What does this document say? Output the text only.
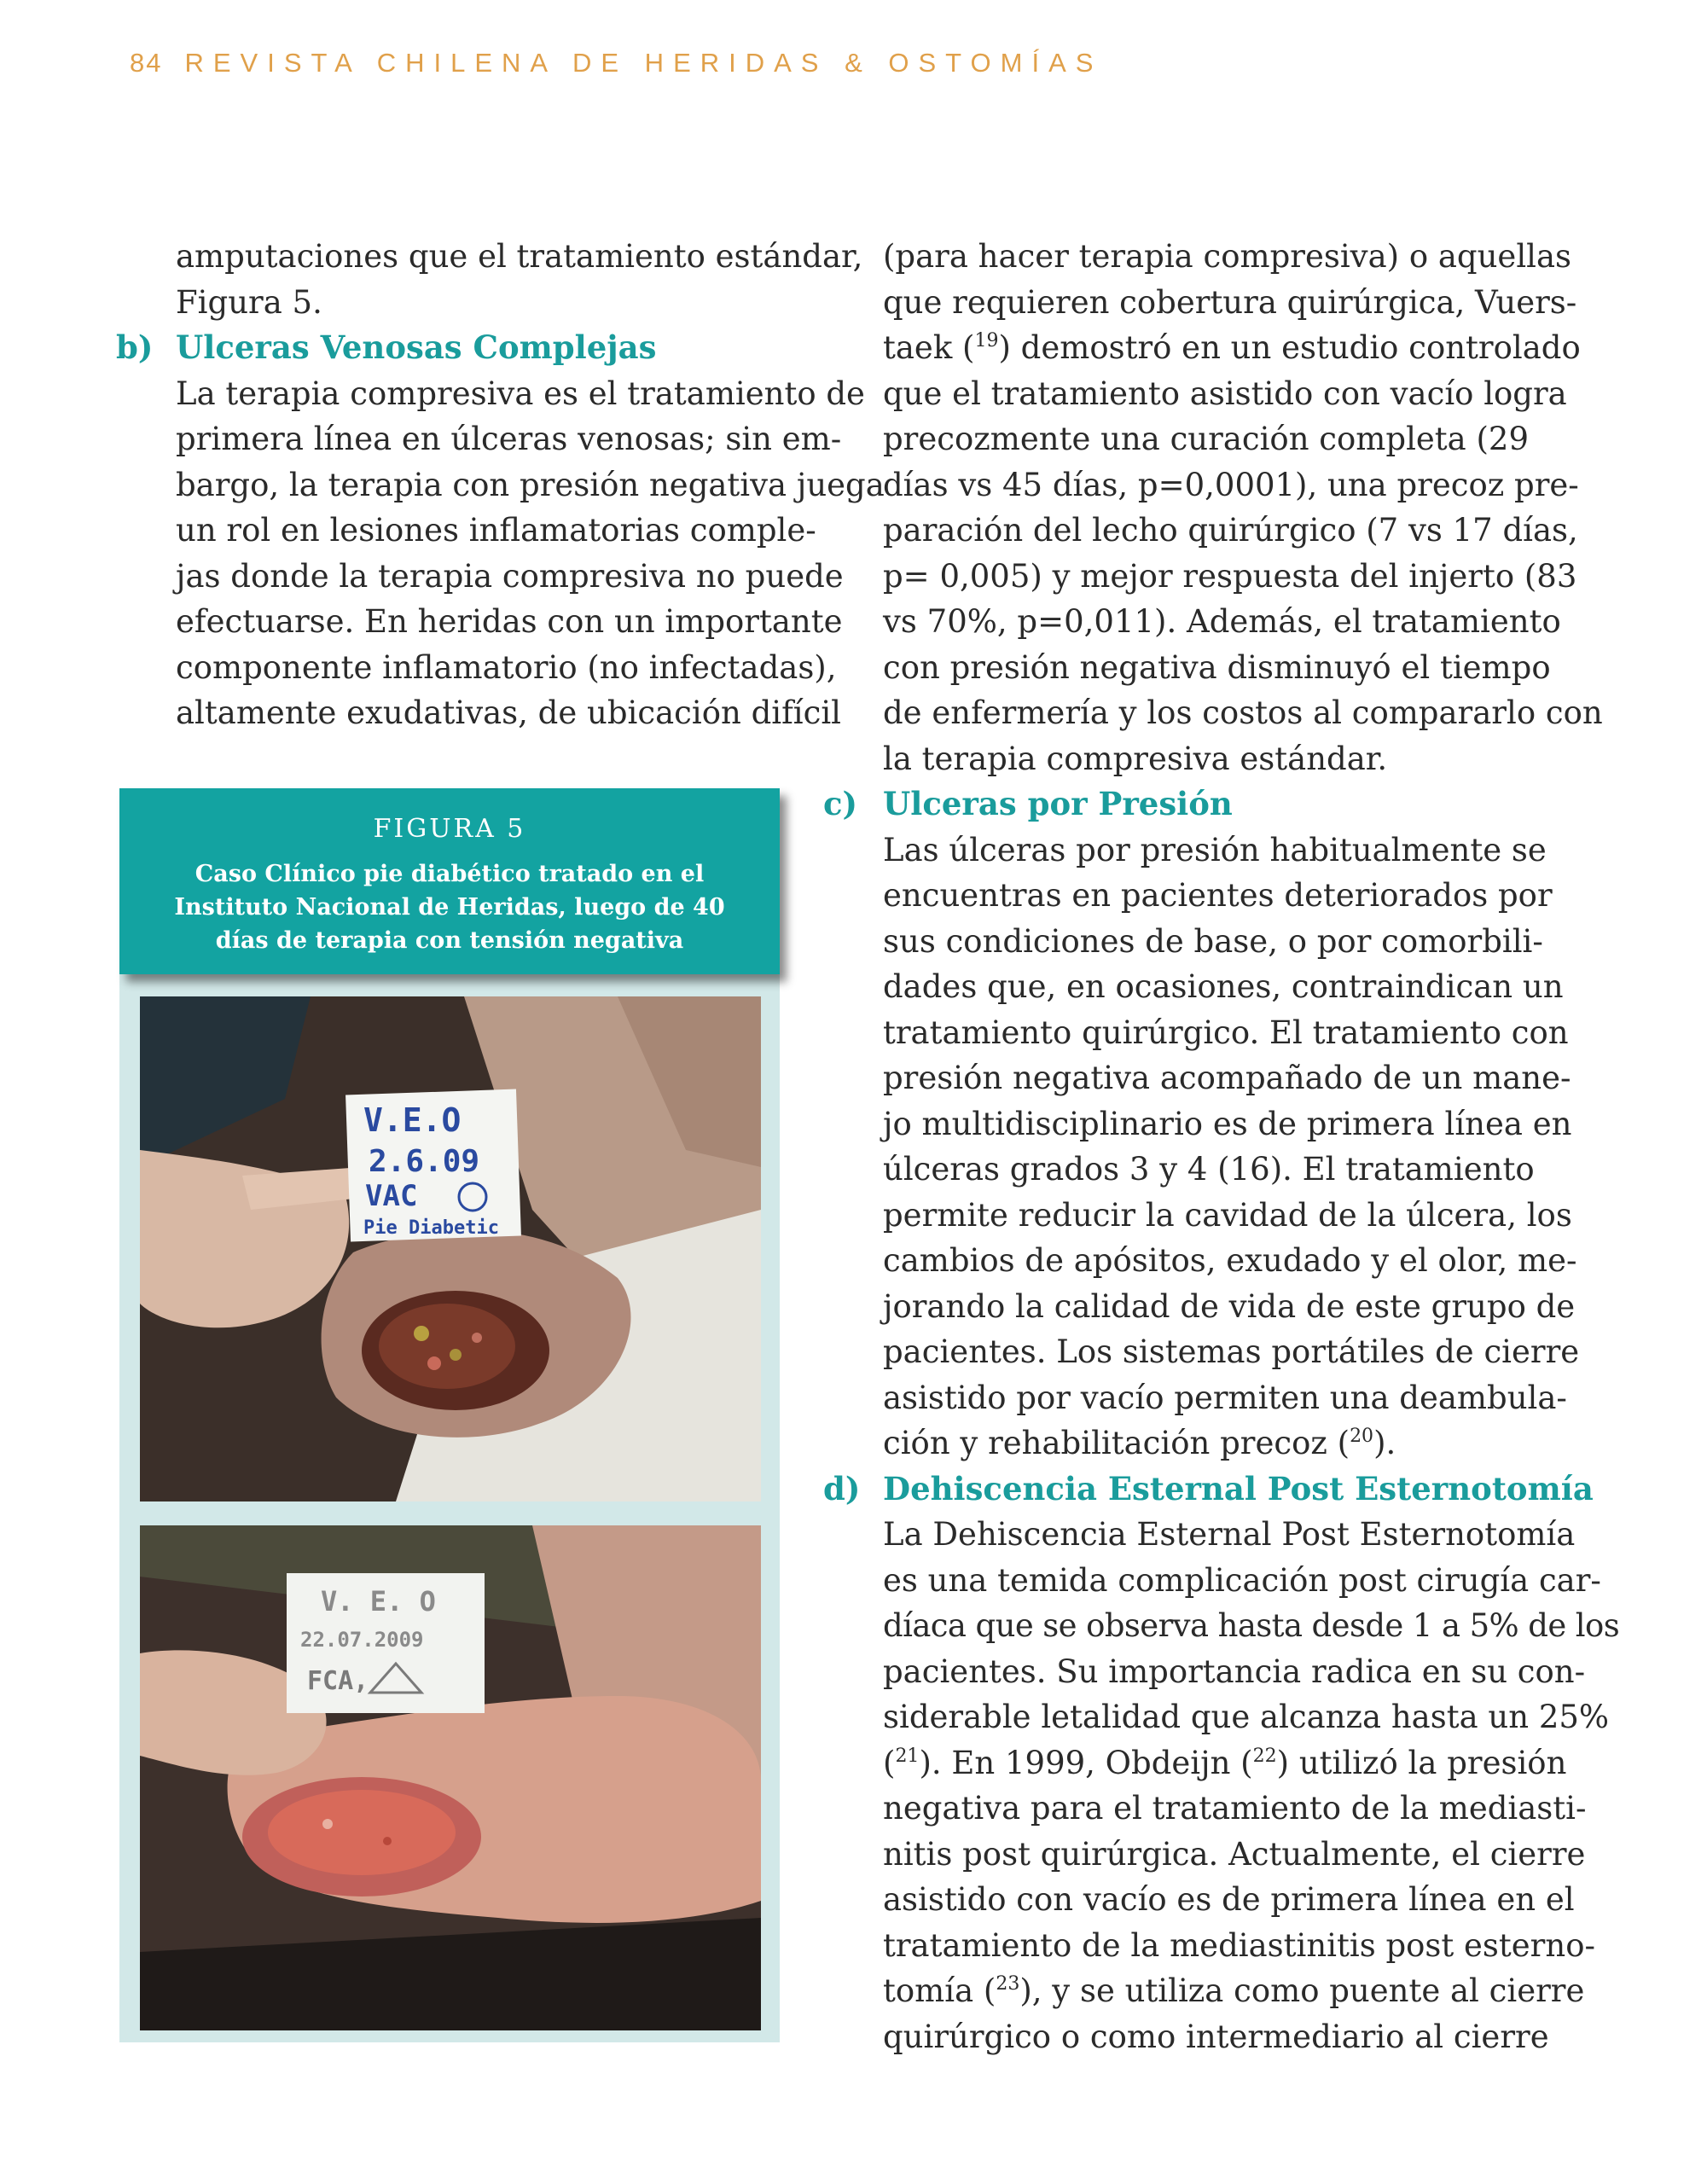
84 REVISTA CHILENA DE HERIDAS & OSTOMÍAS
amputaciones que el tratamiento estándar,
Figura 5.
b) Ulceras Venosas Complejas
La terapia compresiva es el tratamiento de
primera línea en úlceras venosas; sin em-
bargo, la terapia con presión negativa juega
un rol en lesiones inflamatorias comple-
jas donde la terapia compresiva no puede
efectuarse. En heridas con un importante
componente inflamatorio (no infectadas),
altamente exudativas, de ubicación difícil
FIGURA 5
Caso Clínico pie diabético tratado en el Instituto Nacional de Heridas, luego de 40 días de terapia con tensión negativa
V.E.O
2.6.09
VAC
Pie Diabetic
V. E. O
22.07.2009
FCA,
(para hacer terapia compresiva) o aquellas
que requieren cobertura quirúrgica, Vuers-
taek ($^{19}$) demostró en un estudio controlado
que el tratamiento asistido con vacío logra
precozmente una curación completa (29
días vs 45 días, p=0,0001), una precoz pre-
paración del lecho quirúrgico (7 vs 17 días,
p= 0,005) y mejor respuesta del injerto (83
vs 70%, p=0,011). Además, el tratamiento
con presión negativa disminuyó el tiempo
de enfermería y los costos al compararlo con
la terapia compresiva estándar.
c) Ulceras por Presión
Las úlceras por presión habitualmente se
encuentras en pacientes deteriorados por
sus condiciones de base, o por comorbili-
dades que, en ocasiones, contraindican un
tratamiento quirúrgico. El tratamiento con
presión negativa acompañado de un mane-
jo multidisciplinario es de primera línea en
úlceras grados 3 y 4 (16). El tratamiento
permite reducir la cavidad de la úlcera, los
cambios de apósitos, exudado y el olor, me-
jorando la calidad de vida de este grupo de
pacientes. Los sistemas portátiles de cierre
asistido por vacío permiten una deambula-
ción y rehabilitación precoz ($^{20}$).
d) Dehiscencia Esternal Post Esternotomía
La Dehiscencia Esternal Post Esternotomía
es una temida complicación post cirugía car-
díaca que se observa hasta desde 1 a 5% de los
pacientes. Su importancia radica en su con-
siderable letalidad que alcanza hasta un 25%
($^{21}$). En 1999, Obdeijn ($^{22}$) utilizó la presión
negativa para el tratamiento de la mediasti-
nitis post quirúrgica. Actualmente, el cierre
asistido con vacío es de primera línea en el
tratamiento de la mediastinitis post esterno-
tomía ($^{23}$), y se utiliza como puente al cierre
quirúrgico o como intermediario al cierre
